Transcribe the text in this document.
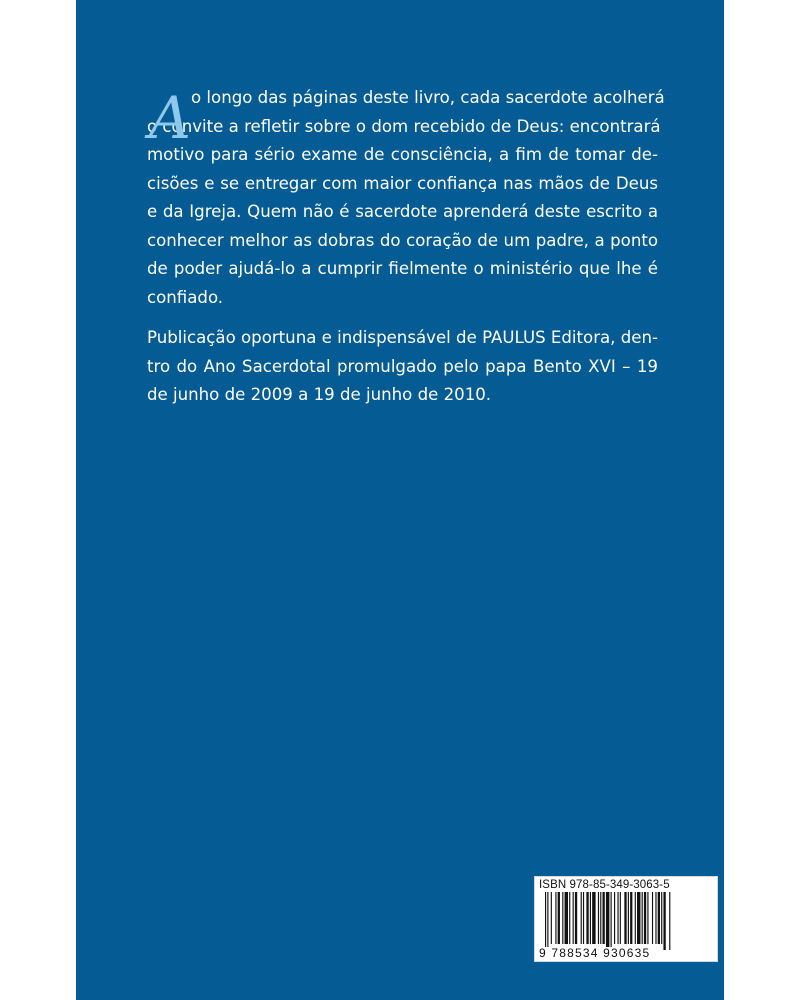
A o longo das páginas deste livro, cada sacerdote acolherá
o convite a refletir sobre o dom recebido de Deus: encontrará
motivo para sério exame de consciência, a fim de tomar de-
cisões e se entregar com maior confiança nas mãos de Deus
e da Igreja. Quem não é sacerdote aprenderá deste escrito a
conhecer melhor as dobras do coração de um padre, a ponto
de poder ajudá-lo a cumprir fielmente o ministério que lhe é
confiado.
Publicação oportuna e indispensável de PAULUS Editora, den-
tro do Ano Sacerdotal promulgado pelo papa Bento XVI – 19
de junho de 2009 a 19 de junho de 2010.
ISBN 978-85-349-3063-5
9 788534 930635
